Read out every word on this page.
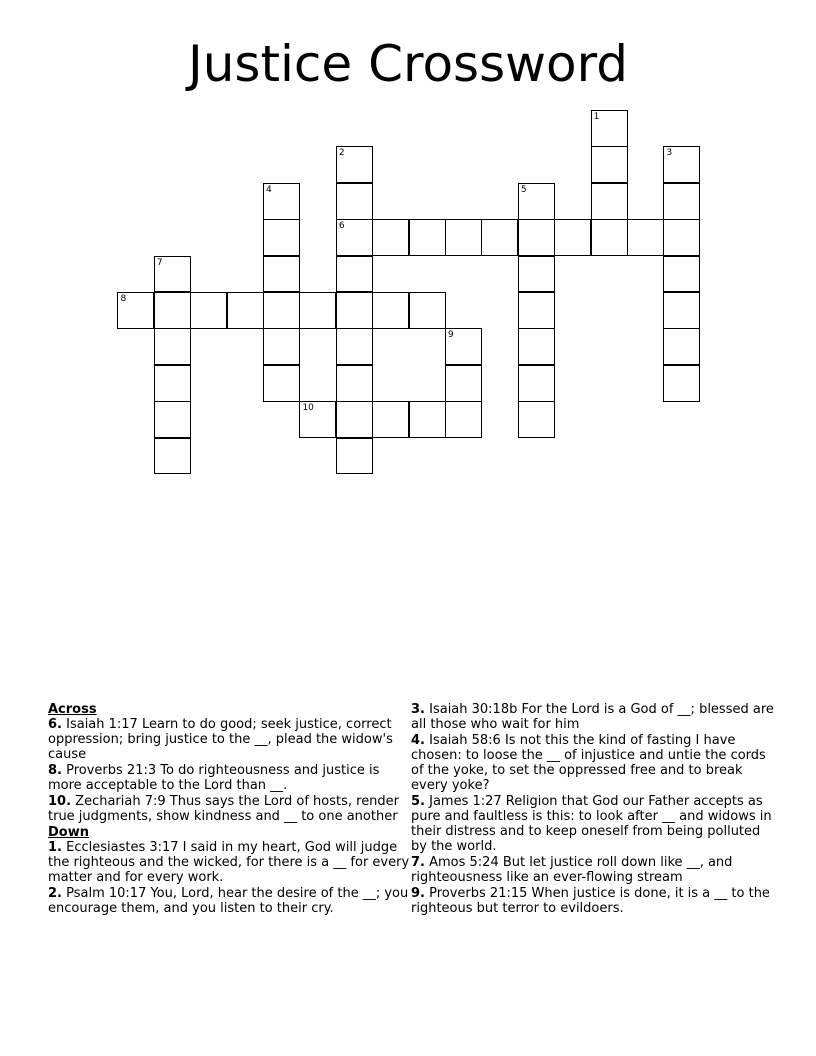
Justice Crossword
1
2
6
3
4	5
7
8
9
10
Across
6. Isaiah 1:17 Learn to do good; seek justice, correct oppression; bring justice to the __, plead the widow's cause
8. Proverbs 21:3 To do righteousness and justice is more acceptable to the Lord than __.
10. Zechariah 7:9 Thus says the Lord of hosts, render true judgments, show kindness and __ to one another
Down
1. Ecclesiastes 3:17 I said in my heart, God will judge the righteous and the wicked, for there is a __ for every matter and for every work.
2. Psalm 10:17 You, Lord, hear the desire of the __; you encourage them, and you listen to their cry.
3. Isaiah 30:18b For the Lord is a God of __; blessed are all those who wait for him
4. Isaiah 58:6 Is not this the kind of fasting I have chosen: to loose the __ of injustice and untie the cords of the yoke, to set the oppressed free and to break every yoke?
5. James 1:27 Religion that God our Father accepts as pure and faultless is this: to look after __ and widows in their distress and to keep oneself from being polluted by the world.
7. Amos 5:24 But let justice roll down like __, and righteousness like an ever-flowing stream
9. Proverbs 21:15 When justice is done, it is a __ to the righteous but terror to evildoers.
